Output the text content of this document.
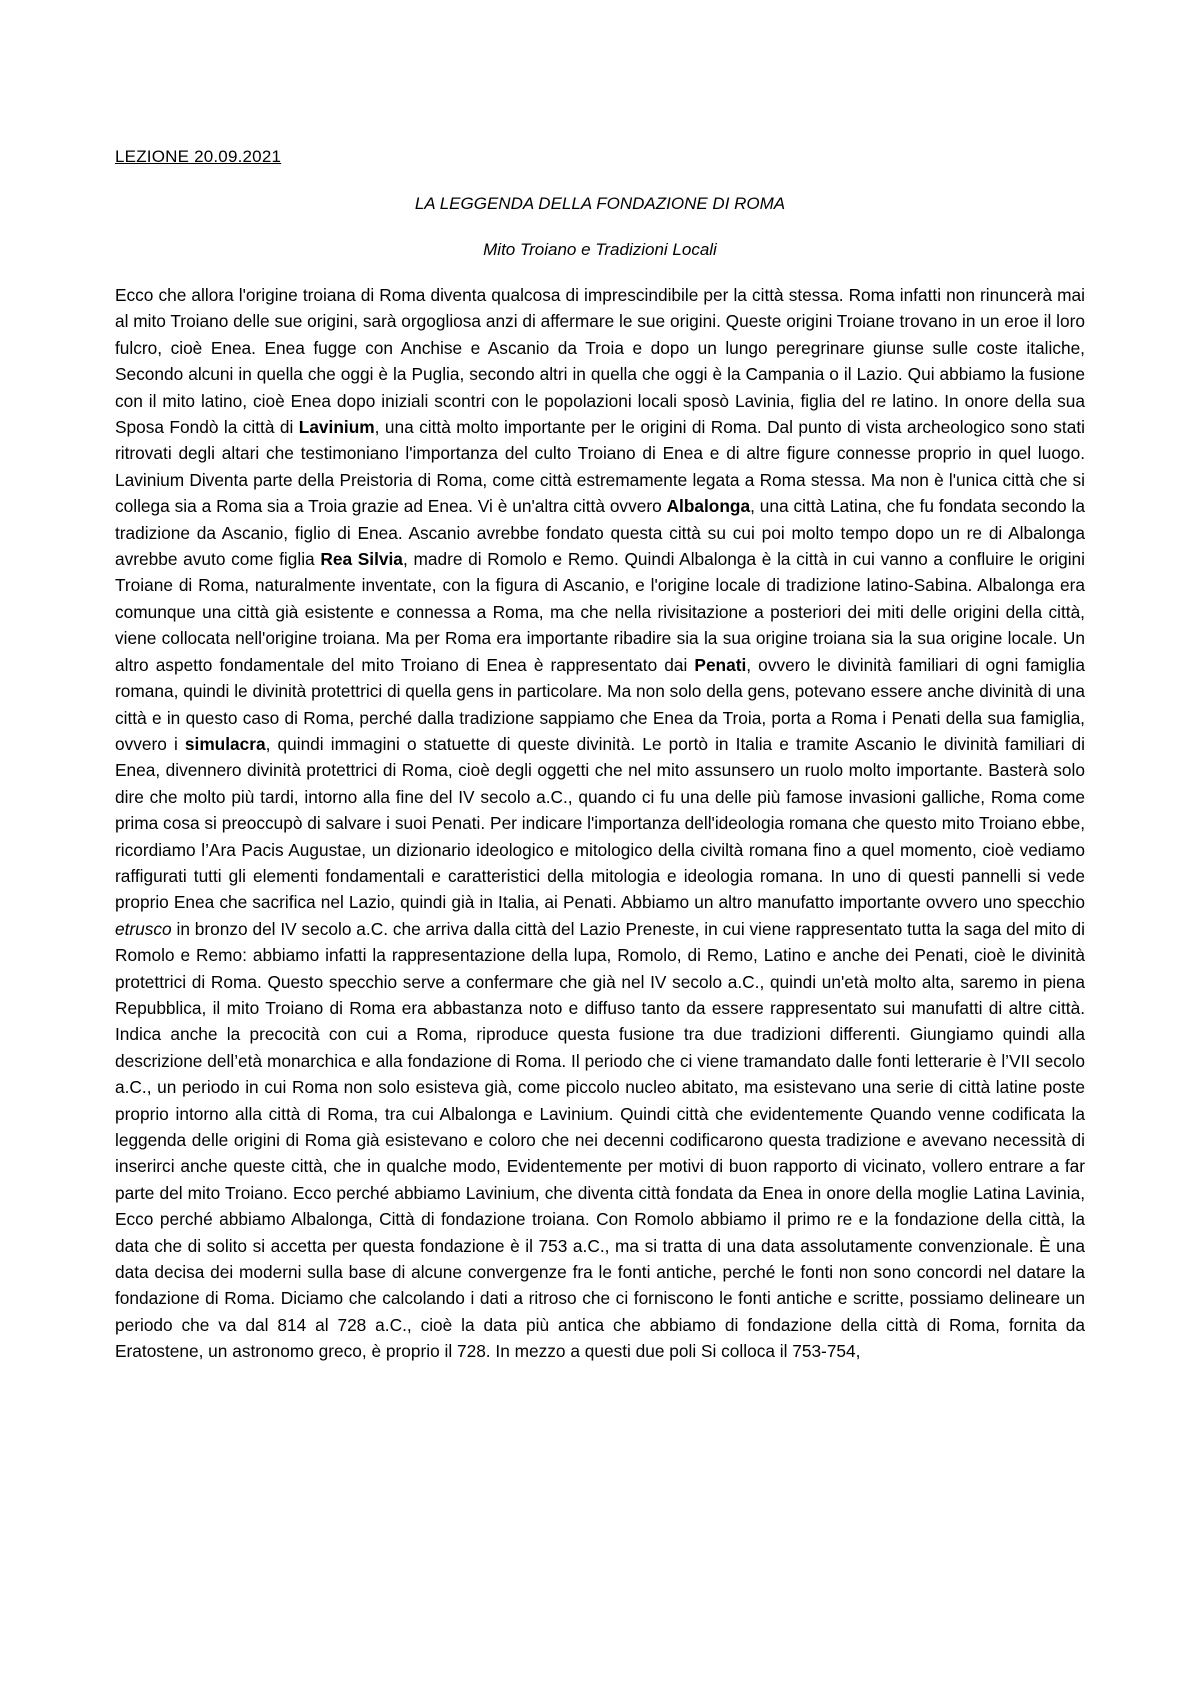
LEZIONE 20.09.2021
LA LEGGENDA DELLA FONDAZIONE DI ROMA
Mito Troiano e Tradizioni Locali
Ecco che allora l'origine troiana di Roma diventa qualcosa di imprescindibile per la città stessa. Roma infatti non rinuncerà mai al mito Troiano delle sue origini, sarà orgogliosa anzi di affermare le sue origini. Queste origini Troiane trovano in un eroe il loro fulcro, cioè Enea. Enea fugge con Anchise e Ascanio da Troia e dopo un lungo peregrinare giunse sulle coste italiche, Secondo alcuni in quella che oggi è la Puglia, secondo altri in quella che oggi è la Campania o il Lazio. Qui abbiamo la fusione con il mito latino, cioè Enea dopo iniziali scontri con le popolazioni locali sposò Lavinia, figlia del re latino. In onore della sua Sposa Fondò la città di Lavinium, una città molto importante per le origini di Roma. Dal punto di vista archeologico sono stati ritrovati degli altari che testimoniano l'importanza del culto Troiano di Enea e di altre figure connesse proprio in quel luogo. Lavinium Diventa parte della Preistoria di Roma, come città estremamente legata a Roma stessa. Ma non è l'unica città che si collega sia a Roma sia a Troia grazie ad Enea. Vi è un'altra città ovvero Albalonga, una città Latina, che fu fondata secondo la tradizione da Ascanio, figlio di Enea. Ascanio avrebbe fondato questa città su cui poi molto tempo dopo un re di Albalonga avrebbe avuto come figlia Rea Silvia, madre di Romolo e Remo. Quindi Albalonga è la città in cui vanno a confluire le origini Troiane di Roma, naturalmente inventate, con la figura di Ascanio, e l'origine locale di tradizione latino-Sabina. Albalonga era comunque una città già esistente e connessa a Roma, ma che nella rivisitazione a posteriori dei miti delle origini della città, viene collocata nell'origine troiana. Ma per Roma era importante ribadire sia la sua origine troiana sia la sua origine locale. Un altro aspetto fondamentale del mito Troiano di Enea è rappresentato dai Penati, ovvero le divinità familiari di ogni famiglia romana, quindi le divinità protettrici di quella gens in particolare. Ma non solo della gens, potevano essere anche divinità di una città e in questo caso di Roma, perché dalla tradizione sappiamo che Enea da Troia, porta a Roma i Penati della sua famiglia, ovvero i simulacra, quindi immagini o statuette di queste divinità. Le portò in Italia e tramite Ascanio le divinità familiari di Enea, divennero divinità protettrici di Roma, cioè degli oggetti che nel mito assunsero un ruolo molto importante. Basterà solo dire che molto più tardi, intorno alla fine del IV secolo a.C., quando ci fu una delle più famose invasioni galliche, Roma come prima cosa si preoccupò di salvare i suoi Penati. Per indicare l'importanza dell'ideologia romana che questo mito Troiano ebbe, ricordiamo l’Ara Pacis Augustae, un dizionario ideologico e mitologico della civiltà romana fino a quel momento, cioè vediamo raffigurati tutti gli elementi fondamentali e caratteristici della mitologia e ideologia romana. In uno di questi pannelli si vede proprio Enea che sacrifica nel Lazio, quindi già in Italia, ai Penati. Abbiamo un altro manufatto importante ovvero uno specchio etrusco in bronzo del IV secolo a.C. che arriva dalla città del Lazio Preneste, in cui viene rappresentato tutta la saga del mito di Romolo e Remo: abbiamo infatti la rappresentazione della lupa, Romolo, di Remo, Latino e anche dei Penati, cioè le divinità protettrici di Roma. Questo specchio serve a confermare che già nel IV secolo a.C., quindi un'età molto alta, saremo in piena Repubblica, il mito Troiano di Roma era abbastanza noto e diffuso tanto da essere rappresentato sui manufatti di altre città. Indica anche la precocità con cui a Roma, riproduce questa fusione tra due tradizioni differenti. Giungiamo quindi alla descrizione dell’età monarchica e alla fondazione di Roma. Il periodo che ci viene tramandato dalle fonti letterarie è l’VII secolo a.C., un periodo in cui Roma non solo esisteva già, come piccolo nucleo abitato, ma esistevano una serie di città latine poste proprio intorno alla città di Roma, tra cui Albalonga e Lavinium. Quindi città che evidentemente Quando venne codificata la leggenda delle origini di Roma già esistevano e coloro che nei decenni codificarono questa tradizione e avevano necessità di inserirci anche queste città, che in qualche modo, Evidentemente per motivi di buon rapporto di vicinato, vollero entrare a far parte del mito Troiano. Ecco perché abbiamo Lavinium, che diventa città fondata da Enea in onore della moglie Latina Lavinia, Ecco perché abbiamo Albalonga, Città di fondazione troiana. Con Romolo abbiamo il primo re e la fondazione della città, la data che di solito si accetta per questa fondazione è il 753 a.C., ma si tratta di una data assolutamente convenzionale. È una data decisa dei moderni sulla base di alcune convergenze fra le fonti antiche, perché le fonti non sono concordi nel datare la fondazione di Roma. Diciamo che calcolando i dati a ritroso che ci forniscono le fonti antiche e scritte, possiamo delineare un periodo che va dal 814 al 728 a.C., cioè la data più antica che abbiamo di fondazione della città di Roma, fornita da Eratostene, un astronomo greco, è proprio il 728. In mezzo a questi due poli Si colloca il 753-754,
